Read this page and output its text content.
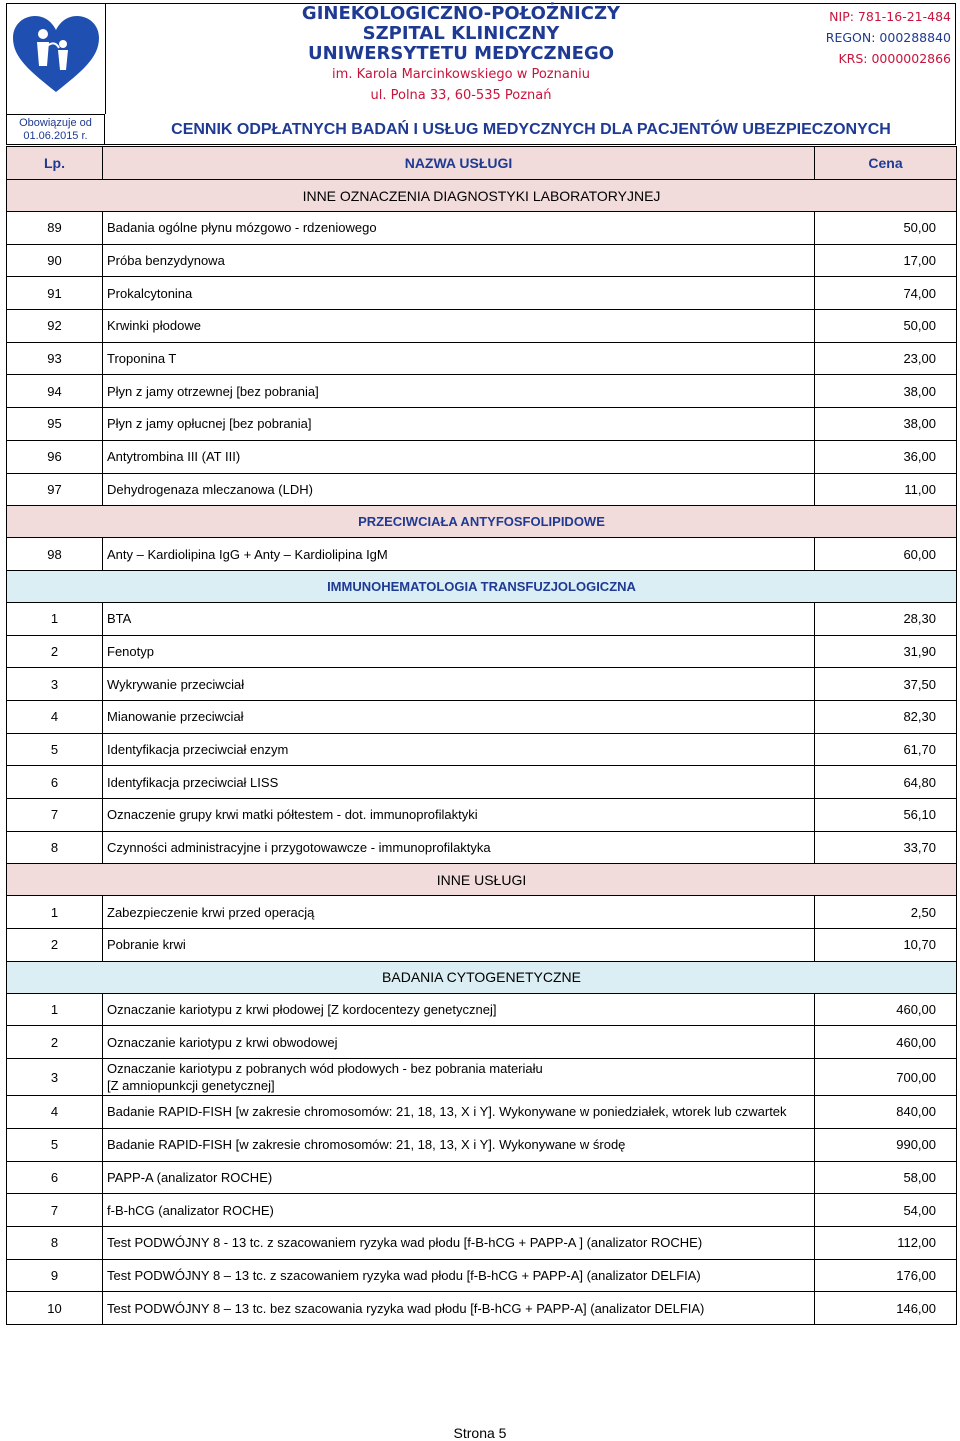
Obowiązuje od
01.06.2015 r.
GINEKOLOGICZNO-POŁOŻNICZY
SZPITAL KLINICZNY
UNIWERSYTETU MEDYCZNEGO
im. Karola Marcinkowskiego w Poznaniu
ul. Polna 33, 60-535 Poznań
NIP: 781-16-21-484
REGON: 000288840
KRS: 0000002866
CENNIK ODPŁATNYCH BADAŃ I USŁUG MEDYCZNYCH DLA PACJENTÓW UBEZPIECZONYCH
Lp.	NAZWA USŁUGI	Cena
INNE OZNACZENIA DIAGNOSTYKI LABORATORYJNEJ		
89	Badania ogólne płynu mózgowo - rdzeniowego	50,00
90	Próba benzydynowa	17,00
91	Prokalcytonina	74,00
92	Krwinki płodowe	50,00
93	Troponina T	23,00
94	Płyn z jamy otrzewnej [bez pobrania]	38,00
95	Płyn z jamy opłucnej [bez pobrania]	38,00
96	Antytrombina III (AT III)	36,00
97	Dehydrogenaza mleczanowa (LDH)	11,00
PRZECIWCIAŁA ANTYFOSFOLIPIDOWE		
98	Anty – Kardiolipina IgG + Anty – Kardiolipina IgM	60,00
IMMUNOHEMATOLOGIA TRANSFUZJOLOGICZNA		
1	BTA	28,30
2	Fenotyp	31,90
3	Wykrywanie przeciwciał	37,50
4	Mianowanie przeciwciał	82,30
5	Identyfikacja przeciwciał enzym	61,70
6	Identyfikacja przeciwciał LISS	64,80
7	Oznaczenie grupy krwi matki półtestem - dot. immunoprofilaktyki	56,10
8	Czynności administracyjne i przygotowawcze - immunoprofilaktyka	33,70
INNE USŁUGI		
1	Zabezpieczenie krwi przed operacją	2,50
2	Pobranie krwi	10,70
BADANIA CYTOGENETYCZNE		
1	Oznaczanie kariotypu z krwi płodowej [Z kordocentezy genetycznej]	460,00
2	Oznaczanie kariotypu z krwi obwodowej	460,00
3	Oznaczanie kariotypu z pobranych wód płodowych - bez pobrania materiału
[Z amniopunkcji genetycznej]	700,00
4	Badanie RAPID-FISH [w zakresie chromosomów: 21, 18, 13, X i Y]. Wykonywane w poniedziałek, wtorek lub czwartek	840,00
5	Badanie RAPID-FISH [w zakresie chromosomów: 21, 18, 13, X i Y]. Wykonywane w środę	990,00
6	PAPP-A (analizator ROCHE)	58,00
7	f-B-hCG (analizator ROCHE)	54,00
8	Test PODWÓJNY 8 - 13 tc. z szacowaniem ryzyka wad płodu [f-B-hCG + PAPP-A ] (analizator ROCHE)	112,00
9	Test PODWÓJNY 8 – 13 tc. z szacowaniem ryzyka wad płodu [f-B-hCG + PAPP-A] (analizator DELFIA)	176,00
10	Test PODWÓJNY 8 – 13 tc. bez szacowania ryzyka wad płodu [f-B-hCG + PAPP-A] (analizator DELFIA)	146,00
Strona 5
